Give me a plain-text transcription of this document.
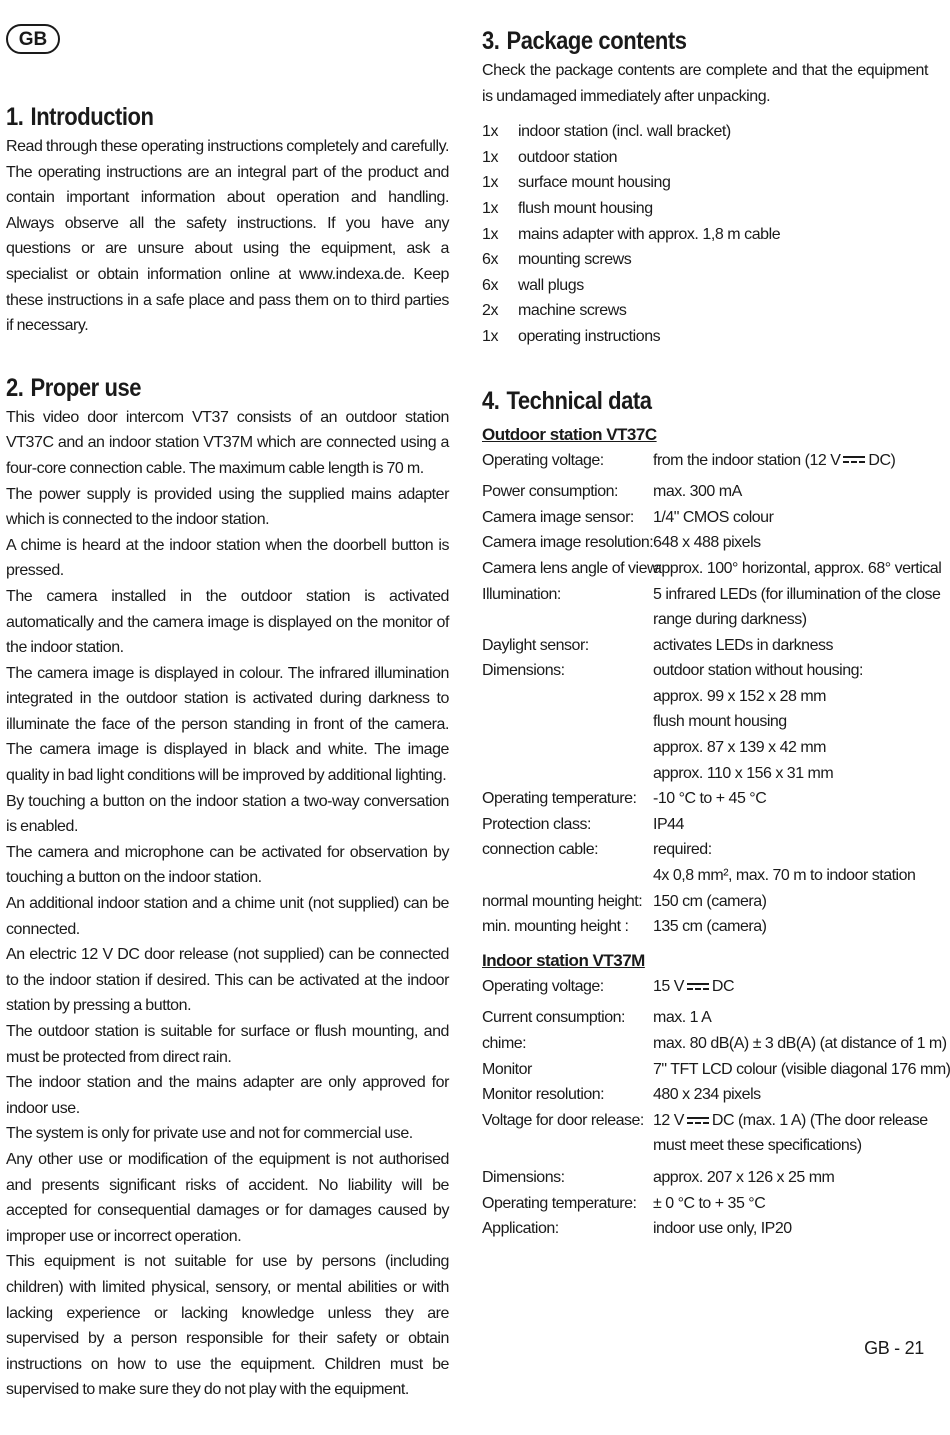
GB
1. Introduction

Read through these operating instructions completely and carefully. The operating instructions are an integral part of the product and contain important information about operation and handling. Always observe all the safety instructions. If you have any questions or are unsure about using the equipment, ask a specialist or obtain information online at www.indexa.de. Keep these instructions in a safe place and pass them on to third parties if necessary.

2. Proper use

This video door intercom VT37 consists of an outdoor station VT37C and an indoor station VT37M which are connected using a four-core connection cable. The maximum cable length is 70 m.

The power supply is provided using the supplied mains adapter which is connected to the indoor station.

A chime is heard at the indoor station when the doorbell button is pressed.

The camera installed in the outdoor station is activated automatically and the camera image is displayed on the monitor of the indoor station.

The camera image is displayed in colour. The infrared illumination integrated in the outdoor station is activated during darkness to illuminate the face of the person standing in front of the camera. The camera image is displayed in black and white. The image quality in bad light conditions will be improved by additional lighting.

By touching a button on the indoor station a two-way conversation is enabled.

The camera and microphone can be activated for observation by touching a button on the indoor station.

An additional indoor station and a chime unit (not supplied) can be connected.

An electric 12 V DC door release (not supplied) can be connected to the indoor station if desired. This can be activated at the indoor station by pressing a button.

The outdoor station is suitable for surface or flush mounting, and must be protected from direct rain.

The indoor station and the mains adapter are only approved for indoor use.

The system is only for private use and not for commercial use.

Any other use or modification of the equipment is not authorised and presents significant risks of accident. No liability will be accepted for consequential damages or for damages caused by improper use or incorrect operation.

This equipment is not suitable for use by persons (including children) with limited physical, sensory, or mental abilities or with lacking experience or lacking knowledge unless they are supervised by a person responsible for their safety or obtain instructions on how to use the equipment. Children must be supervised to make sure they do not play with the equipment.

3. Package contents

Check the package contents are complete and that the equipment is undamaged immediately after unpacking.

1x	indoor station (incl. wall bracket)
1x	outdoor station
1x	surface mount housing
1x	flush mount housing
1x	mains adapter with approx. 1,8 m cable
6x	mounting screws
6x	wall plugs
2x	machine screws
1x	operating instructions
4. Technical data
Outdoor station VT37C
Operating voltage:	from the indoor station (12 V DC)
Power consumption:	max. 300 mA
Camera image sensor:	1/4" CMOS colour
Camera image resolution: 648 x 488 pixels
Camera lens angle of view:
approx. 100° horizontal, approx. 68° vertical
Illumination:	5 infrared LEDs (for illumination of the close
range during darkness)
Daylight sensor:	activates LEDs in darkness
Dimensions:	outdoor station without housing:
approx. 99 x 152 x 28 mm
flush mount housing
approx. 87 x 139 x 42 mm
approx. 110 x 156 x 31 mm
Operating temperature:	-10 °C to + 45 °C
Protection class:	IP44
connection cable:	required:
4x 0,8 mm², max. 70 m to indoor station
normal mounting height: 150 cm (camera)
min. mounting height :	135 cm (camera)
Indoor station VT37M
Operating voltage:	15 V DC
Current consumption:	max. 1 A
chime:	max. 80 dB(A) ± 3 dB(A) (at distance of 1 m)
Monitor	7" TFT LCD colour (visible diagonal 176 mm)
Monitor resolution:	480 x 234 pixels
Voltage for door release: 12 V DC (max. 1 A) (The door release
must meet these specifications)
Dimensions:	approx. 207 x 126 x 25 mm
Operating temperature:	± 0 °C to + 35 °C
Application:	indoor use only, IP20
GB - 21
